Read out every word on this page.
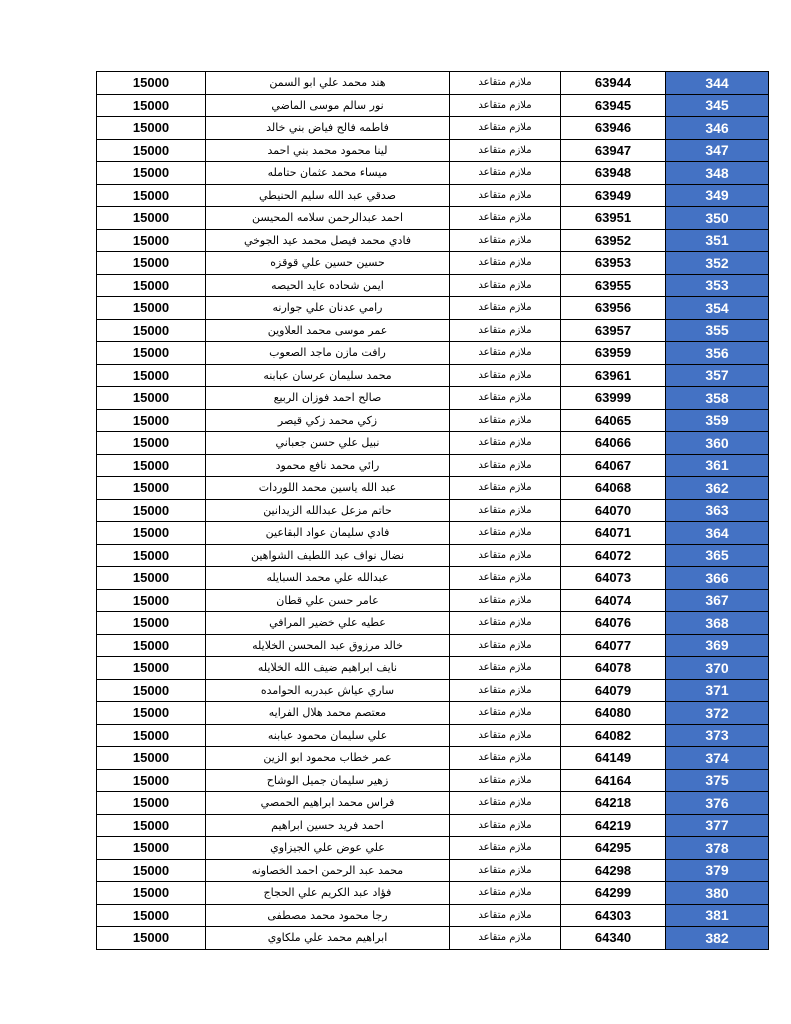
15000	هند محمد علي ابو السمن	ملازم متقاعد	63944	344
15000	نور سالم موسى الماضي	ملازم متقاعد	63945	345
15000	فاطمه فالح فياض بني خالد	ملازم متقاعد	63946	346
15000	لينا محمود محمد بني احمد	ملازم متقاعد	63947	347
15000	ميساء محمد عثمان حتامله	ملازم متقاعد	63948	348
15000	صدقي عبد الله سليم الحنيطي	ملازم متقاعد	63949	349
15000	احمد عبدالرحمن سلامه المحيسن	ملازم متقاعد	63951	350
15000	فادي محمد فيصل محمد عيد الجوخي	ملازم متقاعد	63952	351
15000	حسين حسين علي قوقزه	ملازم متقاعد	63953	352
15000	ايمن شحاده عايد الحيصه	ملازم متقاعد	63955	353
15000	رامي عدنان علي جوارنه	ملازم متقاعد	63956	354
15000	عمر موسى محمد العلاوين	ملازم متقاعد	63957	355
15000	رافت مازن ماجد الصعوب	ملازم متقاعد	63959	356
15000	محمد سليمان عرسان عبابنه	ملازم متقاعد	63961	357
15000	صالح احمد فوزان الربيع	ملازم متقاعد	63999	358
15000	زكي محمد زكي قيصر	ملازم متقاعد	64065	359
15000	نبيل علي حسن جعباني	ملازم متقاعد	64066	360
15000	رائي محمد نافع محمود	ملازم متقاعد	64067	361
15000	عبد الله ياسين محمد اللوردات	ملازم متقاعد	64068	362
15000	حاتم مزعل عبدالله الزيدانين	ملازم متقاعد	64070	363
15000	فادي سليمان عواد البقاعين	ملازم متقاعد	64071	364
15000	نضال نواف عبد اللطيف الشواهين	ملازم متقاعد	64072	365
15000	عبدالله علي محمد السبايله	ملازم متقاعد	64073	366
15000	عامر حسن علي قطان	ملازم متقاعد	64074	367
15000	عطيه علي خضير المرافي	ملازم متقاعد	64076	368
15000	خالد مرزوق عبد المحسن الخلايله	ملازم متقاعد	64077	369
15000	نايف ابراهيم ضيف الله الخلايله	ملازم متقاعد	64078	370
15000	ساري عياش عبدربه الحوامده	ملازم متقاعد	64079	371
15000	معتصم محمد هلال الفرايه	ملازم متقاعد	64080	372
15000	علي سليمان محمود عبابنه	ملازم متقاعد	64082	373
15000	عمر خطاب محمود ابو الزين	ملازم متقاعد	64149	374
15000	زهير سليمان جميل الوشاح	ملازم متقاعد	64164	375
15000	فراس محمد ابراهيم الحمصي	ملازم متقاعد	64218	376
15000	احمد فريد حسين ابراهيم	ملازم متقاعد	64219	377
15000	علي عوض علي الجيزاوي	ملازم متقاعد	64295	378
15000	محمد عبد الرحمن احمد الخصاونه	ملازم متقاعد	64298	379
15000	فؤاد عبد الكريم علي الحجاج	ملازم متقاعد	64299	380
15000	رجا محمود محمد مصطفى	ملازم متقاعد	64303	381
15000	ابراهيم محمد علي ملكاوي	ملازم متقاعد	64340	382
